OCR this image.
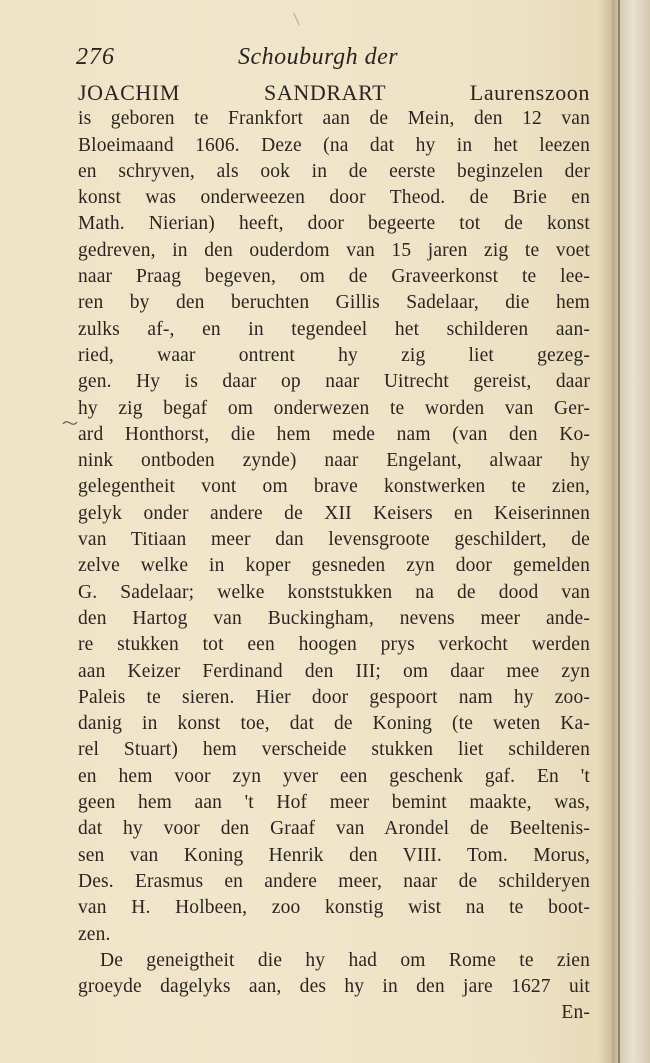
276	Schouburgh der
JOACHIM SANDRART Laurenszoon
is geboren te Frankfort aan de Mein, den 12 van
Bloeimaand 1606. Deze (na dat hy in het leezen
en schryven, als ook in de eerste beginzelen der
konst was onderweezen door Theod. de Brie en
Math. Nierian) heeft, door begeerte tot de konst
gedreven, in den ouderdom van 15 jaren zig te voet
naar Praag begeven, om de Graveerkonst te lee-
ren by den beruchten Gillis Sadelaar, die hem
zulks af-, en in tegendeel het schilderen aan-
ried, waar ontrent hy zig liet gezeg-
gen. Hy is daar op naar Uitrecht gereist, daar
hy zig begaf om onderwezen te worden van Ger-
ard Honthorst, die hem mede nam (van den Ko-
nink ontboden zynde) naar Engelant, alwaar hy
gelegentheit vont om brave konstwerken te zien,
gelyk onder andere de XII Keisers en Keiserinnen
van Titiaan meer dan levensgroote geschildert, de
zelve welke in koper gesneden zyn door gemelden
G. Sadelaar; welke konststukken na de dood van
den Hartog van Buckingham, nevens meer ande-
re stukken tot een hoogen prys verkocht werden
aan Keizer Ferdinand den III; om daar mee zyn
Paleis te sieren. Hier door gespoort nam hy zoo-
danig in konst toe, dat de Koning (te weten Ka-
rel Stuart) hem verscheide stukken liet schilderen
en hem voor zyn yver een geschenk gaf. En 't
geen hem aan 't Hof meer bemint maakte, was,
dat hy voor den Graaf van Arondel de Beeltenis-
sen van Koning Henrik den VIII. Tom. Morus,
Des. Erasmus en andere meer, naar de schilderyen
van H. Holbeen, zoo konstig wist na te boot-
zen.
De geneigtheit die hy had om Rome te zien
groeyde dagelyks aan, des hy in den jare 1627 uit
En-
